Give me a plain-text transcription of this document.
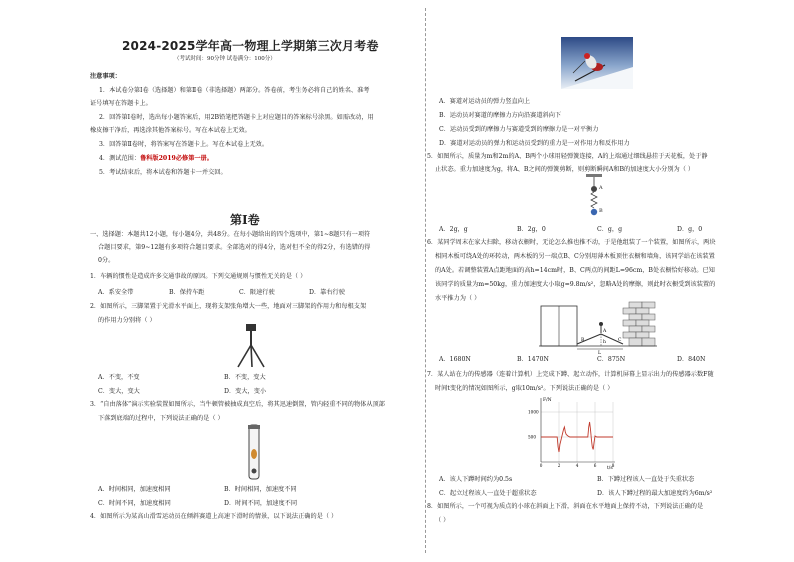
2024-2025学年高一物理上学期第三次月考卷
（考试时间：90分钟 试卷满分：100分）
注意事项：
1．本试卷分第Ⅰ卷（选择题）和第Ⅱ卷（非选择题）两部分。答卷前，考生务必将自己的姓名、准考
证号填写在答题卡上。
2．回答第Ⅰ卷时，选出每小题答案后，用2B铅笔把答题卡上对应题目的答案标号涂黑。如需改动，用
橡皮擦干净后，再选涂其他答案标号。写在本试卷上无效。
3．回答第Ⅱ卷时，将答案写在答题卡上。写在本试卷上无效。
4．测试范围：鲁科版2019必修第一册。
5．考试结束后，将本试卷和答题卡一并交回。
第Ⅰ卷
一、选择题：本题共12小题，每小题4分，共48分。在每小题给出的四个选项中，第1~8题只有一项符
合题目要求，第9~12题有多项符合题目要求。全部选对的得4分，选对但不全的得2分，有选错的得
0分。
1．车辆的惯性是造成许多交通事故的原因。下列交通规则与惯性无关的是（ ）
A．系安全带	B．保持车距	C．限速行驶	D．靠右行驶
2．如图所示，三脚架置于光滑水平面上，现将支架张角增大一些，地面对三脚架的作用力和每根支架
的作用力分别将（ ）
A．不变，不变	B．不变，变大
C．变大，变大	D．变大，变小
3．“自由落体”演示实验装置如图所示，当牛顿管被抽成真空后，将其迅速倒置，管内轻重不同的物体从顶部
下落到底端的过程中，下列说法正确的是（ ）
A．时间相同，加速度相同	B．时间相同，加速度不同
C．时间不同，加速度相同	D．时间不同，加速度不同
4．如图所示为某高山滑雪运动员在倾斜赛道上高速下滑时的情景，以下说法正确的是（ ）
A．赛道对运动员的弹力竖直向上
B．运动员对赛道的摩擦力方向沿赛道斜向下
C．运动员受到的摩擦力与赛道受到的摩擦力是一对平衡力
D．赛道对运动员的弹力和运动员受到的重力是一对作用力和反作用力
5．如图所示，质量为m和2m的A、B两个小球用轻弹簧连接，A的上端通过细线悬挂于天花板，处于静
止状态。重力加速度为g，将A、B之间的弹簧剪断，则剪断瞬间A和B的加速度大小分别为（ ）
A
B
A．2g，g	B．2g，0	C．g，g	D．g，0
6．某同学周末在家大扫除，移动衣橱时，无论怎么推也推不动，于是他组装了一个装置，如图所示，两块
相同木板可绕A处的环转动，两木板的另一端点B、C分别用薄木板顶住衣橱和墙角，该同学站在该装置
的A处。若调整装置A点距地面的高h=14cm时，B、C两点的间距L=96cm，B处衣橱恰好移动。已知
该同学的质量为m=50kg，重力加速度大小取g=9.8m/s²，忽略A处的摩擦，则此时衣橱受到该装置的
水平推力为（ ）
B
A
C
h
L
A．1680N	B．1470N	C．875N	D．840N
7．某人站在力的传感器（连着计算机）上完成下蹲、起立动作，计算机屏幕上显示出力的传感器示数F随
时间t变化的情况如图所示，g取10m/s²。下列说法正确的是（ ）
F/N
t/s
0	2	4	6	8
500
1000
A．该人下蹲时间约为0.5s	B．下蹲过程该人一直处于失重状态
C．起立过程该人一直处于超重状态	D．该人下蹲过程的最大加速度约为6m/s²
8．如图所示，一个可视为质点的小球在斜面上下滑，斜面在水平地面上保持不动，下列说法正确的是
（ ）
